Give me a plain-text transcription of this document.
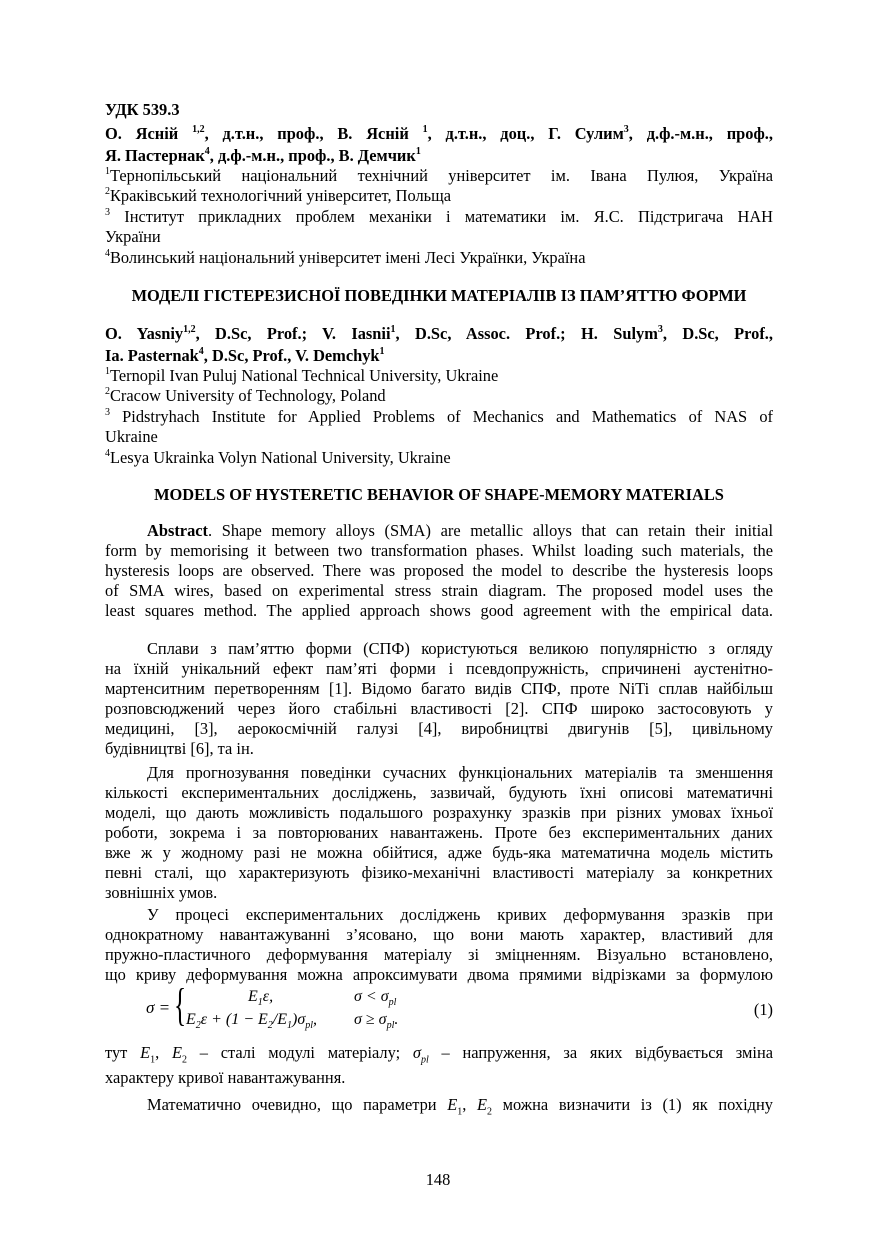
УДК 539.3
О. Ясній $^{1,2}$, д.т.н., проф., В. Ясній $^1$, д.т.н., доц., Г. Сулим$^3$, д.ф.-м.н., проф.,
Я. Пастернак$^4$, д.ф.-м.н., проф., В. Демчик$^1$
$^1$Тернопільський національний технічний університет ім. Івана Пулюя, Україна
$^2$Краківський технологічний університет, Польща
$^3$ Інститут прикладних проблем механіки і математики ім. Я.С. Підстригача НАН
України
$^4$Волинський національний університет імені Лесі Українки, Україна
МОДЕЛІ ГІСТЕРЕЗИСНОЇ ПОВЕДІНКИ МАТЕРІАЛІВ ІЗ ПАМ’ЯТТЮ ФОРМИ
O. Yasniy$^{1,2}$, D.Sc, Prof.; V. Iasnii$^1$, D.Sc, Assoc. Prof.; H. Sulym$^3$, D.Sc, Prof.,
Ia. Pasternak$^4$, D.Sc, Prof., V. Demchyk$^1$
$^1$Ternopil Ivan Puluj National Technical University, Ukraine
$^2$Cracow University of Technology, Poland
$^3$ Pidstryhach Institute for Applied Problems of Mechanics and Mathematics of NAS of
Ukraine
$^4$Lesya Ukrainka Volyn National University, Ukraine
MODELS OF HYSTERETIC BEHAVIOR OF SHAPE-MEMORY MATERIALS
Abstract. Shape memory alloys (SMA) are metallic alloys that can retain their initial
form by memorising it between two transformation phases. Whilst loading such materials, the
hysteresis loops are observed. There was proposed the model to describe the hysteresis loops
of SMA wires, based on experimental stress strain diagram. The proposed model uses the
least squares method. The applied approach shows good agreement with the empirical data.
Сплави з пам’яттю форми (СПФ) користуються великою популярністю з огляду
на їхній унікальний ефект пам’яті форми і псевдопружність, спричинені аустенітно-
мартенситним перетворенням [1]. Відомо багато видів СПФ, проте NiTi сплав найбільш
розповсюджений через його стабільні властивості [2]. СПФ широко застосовують у
медицині, [3], аерокосмічній галузі [4], виробництві двигунів [5], цивільному
будівництві [6], та ін.
Для прогнозування поведінки сучасних функціональних матеріалів та зменшення
кількості експериментальних досліджень, зазвичай, будують їхні описові математичні
моделі, що дають можливість подальшого розрахунку зразків при різних умовах їхньої
роботи, зокрема і за повторюваних навантажень. Проте без експериментальних даних
вже ж у жодному разі не можна обійтися, адже будь-яка математична модель містить
певні сталі, що характеризують фізико-механічні властивості матеріалу за конкретних
зовнішніх умов.
У процесі експериментальних досліджень кривих деформування зразків при
однократному навантажуванні з’ясовано, що вони мають характер, властивий для
пружно-пластичного деформування матеріалу зі зміцненням. Візуально встановлено,
що криву деформування можна апроксимувати двома прямими відрізками за формулою
σ = {	$E_1\varepsilon$,	$\sigma < \sigma_{pl}$
$E_2\varepsilon + (1 - E_2/E_1)\sigma_{pl}$, $\sigma \ge \sigma_{pl}$.
(1)
тут $E_1$, $E_2$ – сталі модулі матеріалу; $\sigma_{pl}$ – напруження, за яких відбувається зміна
характеру кривої навантажування.
Математично очевидно, що параметри $E_1$, $E_2$ можна визначити із (1) як похідну
148
